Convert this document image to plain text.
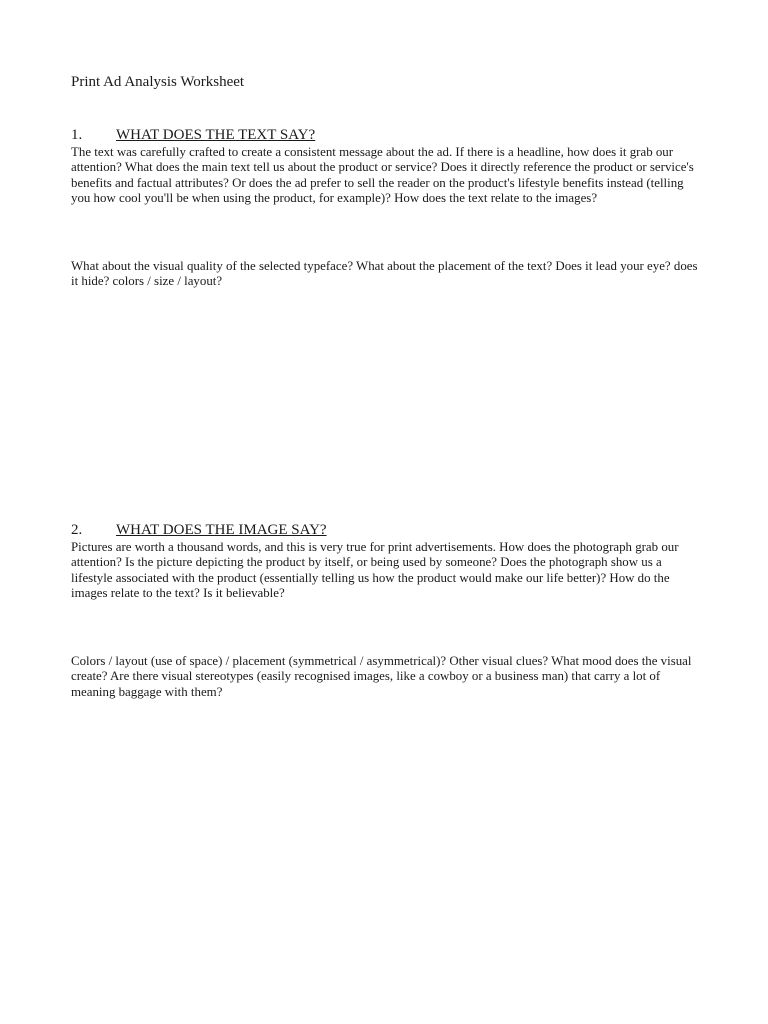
Print Ad Analysis Worksheet
1. WHAT DOES THE TEXT SAY?
The text was carefully crafted to create a consistent message about the ad. If there is a headline, how does it grab our attention? What does the main text tell us about the product or service? Does it directly reference the product or service's benefits and factual attributes? Or does the ad prefer to sell the reader on the product's lifestyle benefits instead (telling you how cool you'll be when using the product, for example)? How does the text relate to the images?
What about the visual quality of the selected typeface? What about the placement of the text? Does it lead your eye? does it hide? colors / size / layout?
2. WHAT DOES THE IMAGE SAY?
Pictures are worth a thousand words, and this is very true for print advertisements. How does the photograph grab our attention? Is the picture depicting the product by itself, or being used by someone? Does the photograph show us a lifestyle associated with the product (essentially telling us how the product would make our life better)? How do the images relate to the text? Is it believable?
Colors / layout (use of space) / placement (symmetrical / asymmetrical)? Other visual clues? What mood does the visual create? Are there visual stereotypes (easily recognised images, like a cowboy or a business man) that carry a lot of meaning baggage with them?
